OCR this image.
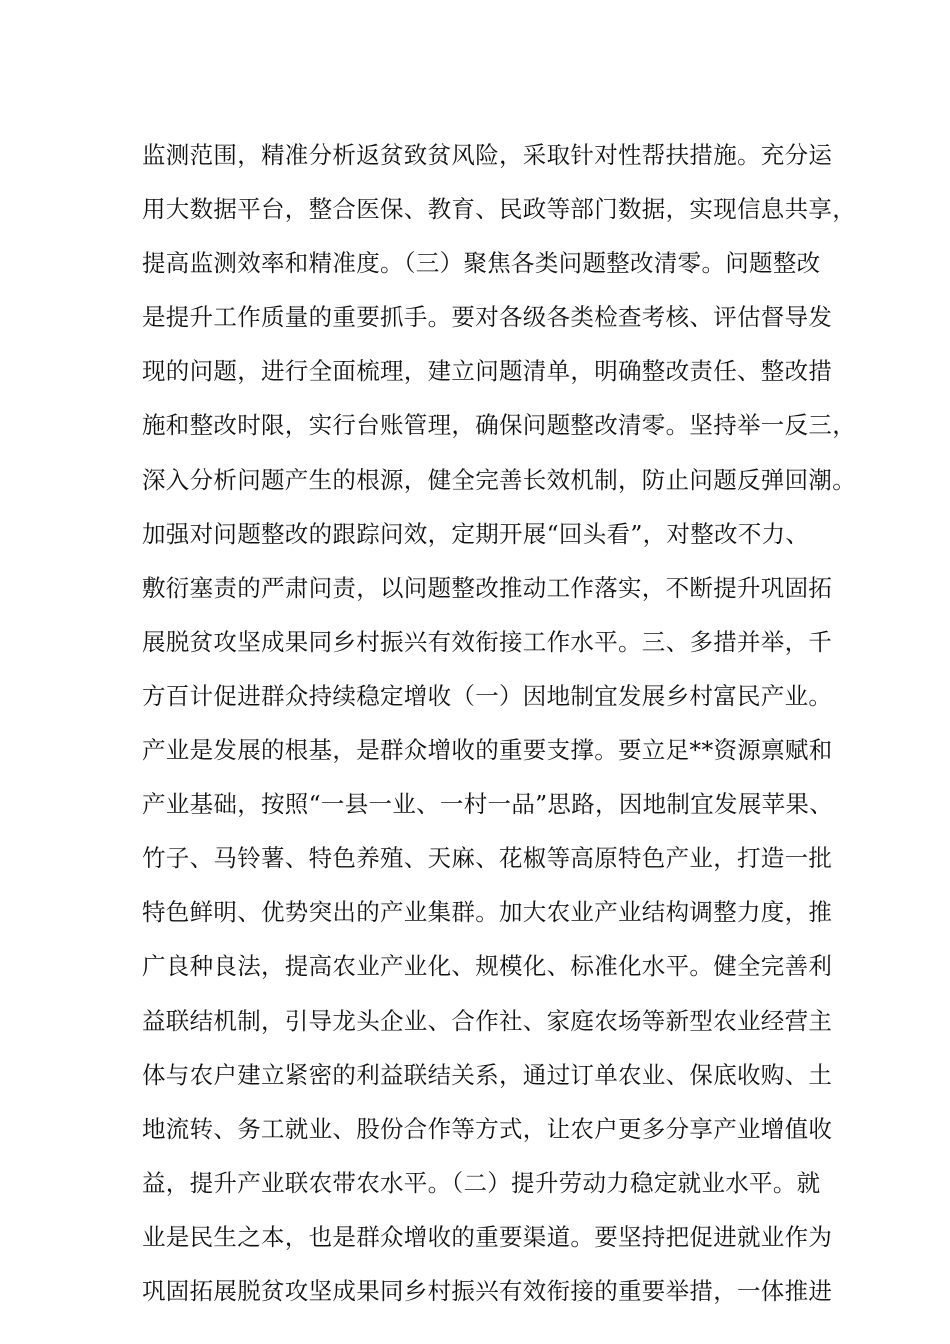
监测范围，精准分析返贫致贫风险，采取针对性帮扶措施。充分运
用大数据平台，整合医保、教育、民政等部门数据，实现信息共享，
提高监测效率和精准度。（三）聚焦各类问题整改清零。问题整改
是提升工作质量的重要抓手。要对各级各类检查考核、评估督导发
现的问题，进行全面梳理，建立问题清单，明确整改责任、整改措
施和整改时限，实行台账管理，确保问题整改清零。坚持举一反三，
深入分析问题产生的根源，健全完善长效机制，防止问题反弹回潮。
加强对问题整改的跟踪问效，定期开展“回头看”，对整改不力、
敷衍塞责的严肃问责，以问题整改推动工作落实，不断提升巩固拓
展脱贫攻坚成果同乡村振兴有效衔接工作水平。三、多措并举，千
方百计促进群众持续稳定增收（一）因地制宜发展乡村富民产业。
产业是发展的根基，是群众增收的重要支撑。要立足**资源禀赋和
产业基础，按照“一县一业、一村一品”思路，因地制宜发展苹果、
竹子、马铃薯、特色养殖、天麻、花椒等高原特色产业，打造一批
特色鲜明、优势突出的产业集群。加大农业产业结构调整力度，推
广良种良法，提高农业产业化、规模化、标准化水平。健全完善利
益联结机制，引导龙头企业、合作社、家庭农场等新型农业经营主
体与农户建立紧密的利益联结关系，通过订单农业、保底收购、土
地流转、务工就业、股份合作等方式，让农户更多分享产业增值收
益，提升产业联农带农水平。（二）提升劳动力稳定就业水平。就
业是民生之本，也是群众增收的重要渠道。要坚持把促进就业作为
巩固拓展脱贫攻坚成果同乡村振兴有效衔接的重要举措，一体推进
